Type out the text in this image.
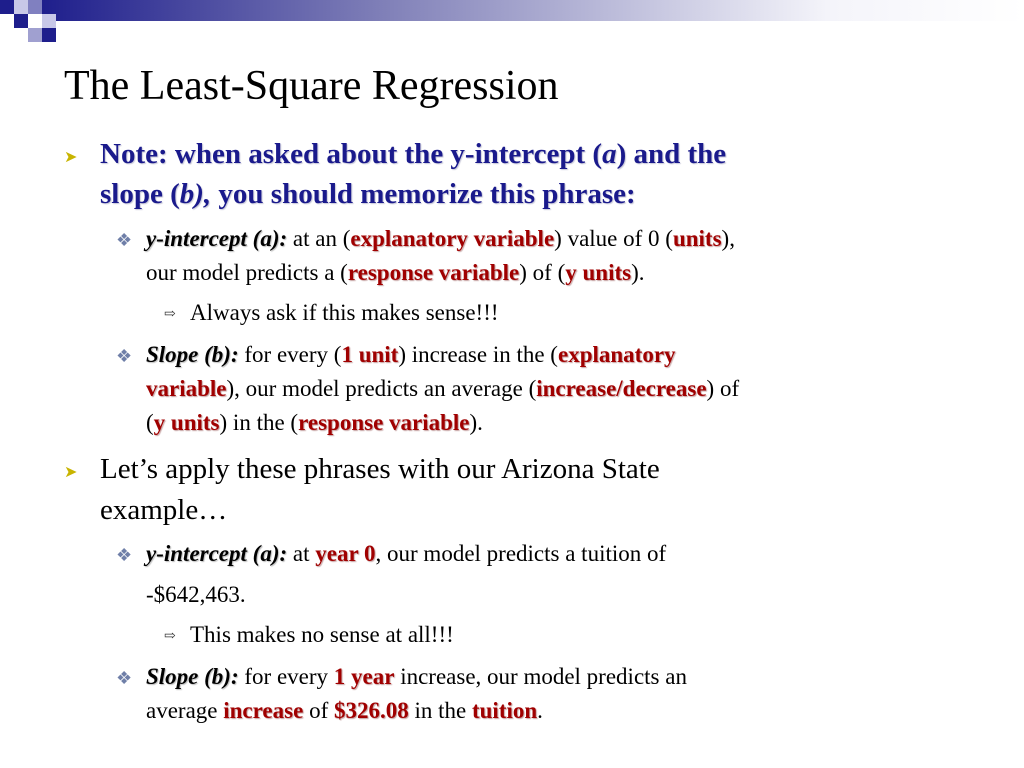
The Least-Square Regression
➤ Note: when asked about the y-intercept (a) and the
slope (b), you should memorize this phrase:
❖ y-intercept (a): at an (explanatory variable) value of 0 (units),
our model predicts a (response variable) of (y units).
⇨ Always ask if this makes sense!!!
❖ Slope (b): for every (1 unit) increase in the (explanatory
variable), our model predicts an average (increase/decrease) of
(y units) in the (response variable).
➤ Let’s apply these phrases with our Arizona State
example…
❖ y-intercept (a): at year 0, our model predicts a tuition of
-$642,463.
⇨ This makes no sense at all!!!
❖ Slope (b): for every 1 year increase, our model predicts an
average increase of $326.08 in the tuition.
